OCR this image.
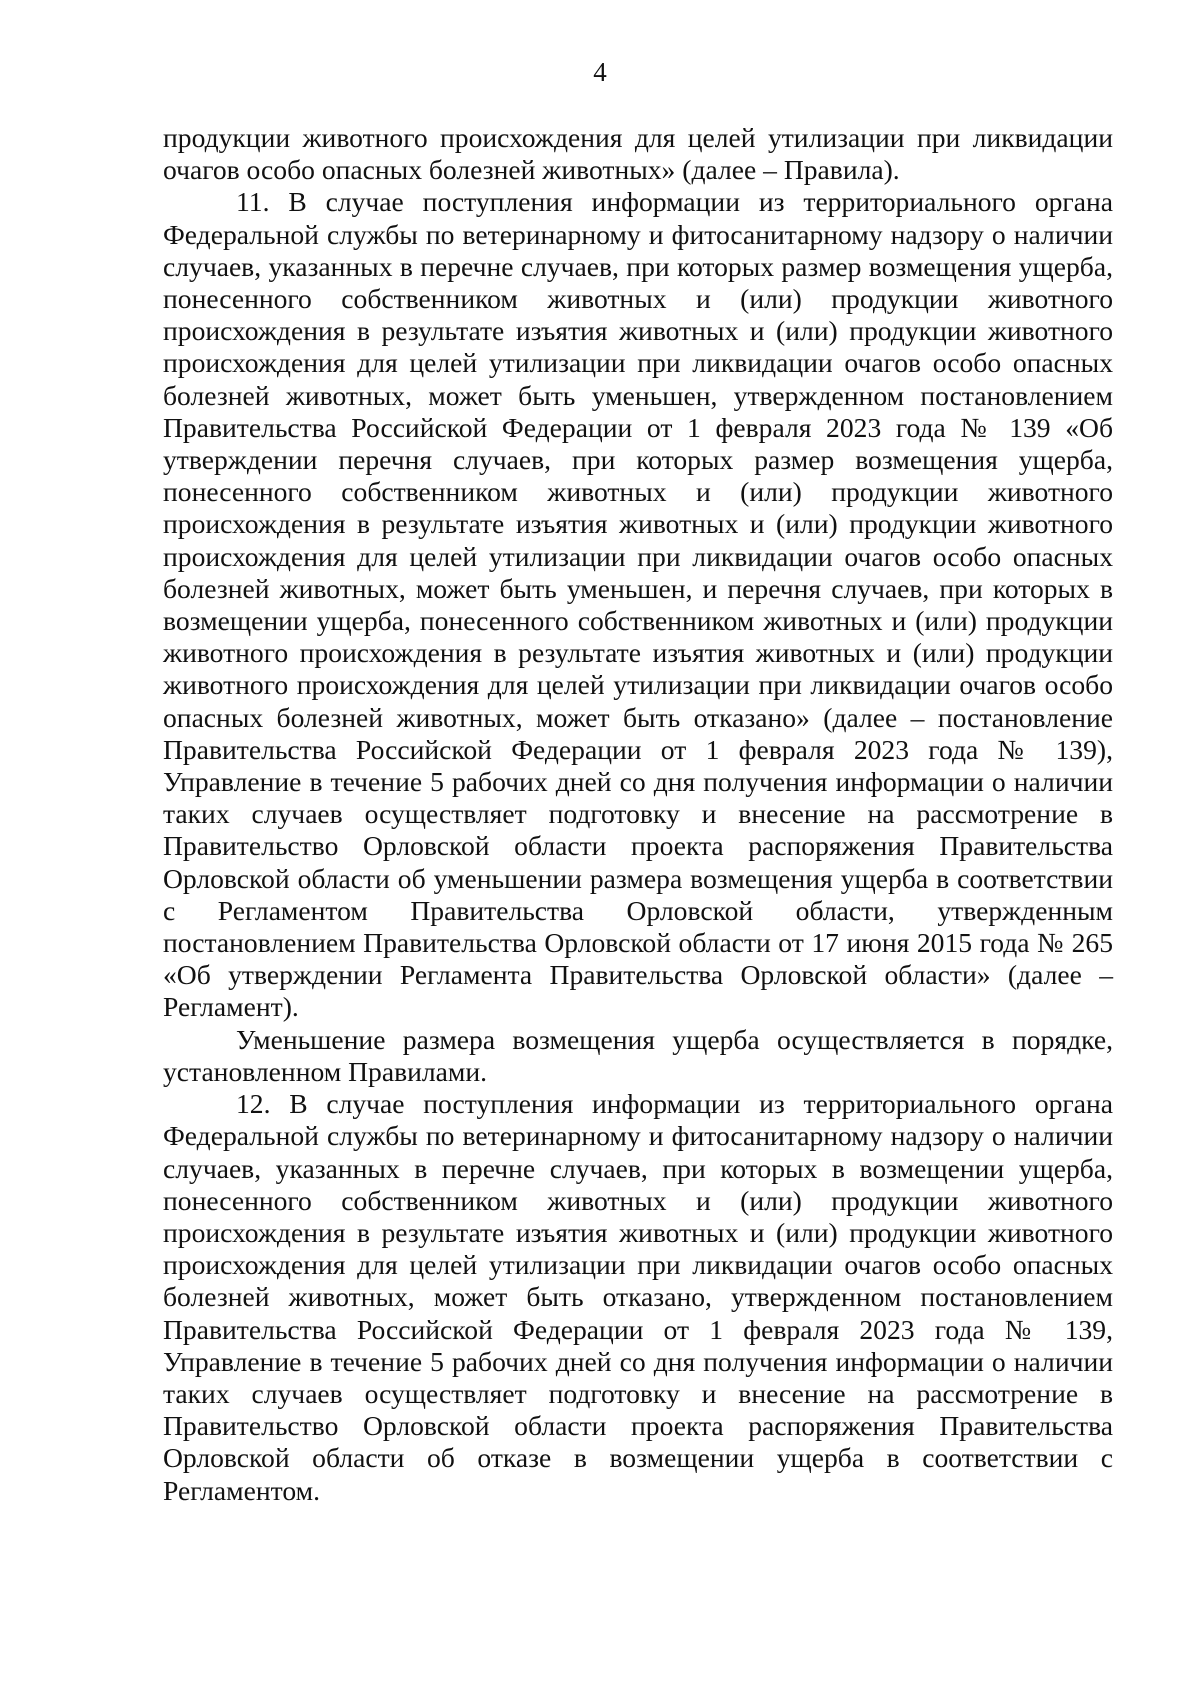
4

продукции животного происхождения для целей утилизации при ликвидации очагов особо опасных болезней животных» (далее – Правила).

11. В случае поступления информации из территориального органа Федеральной службы по ветеринарному и фитосанитарному надзору о наличии случаев, указанных в перечне случаев, при которых размер возмещения ущерба, понесенного собственником животных и (или) продукции животного происхождения в результате изъятия животных и (или) продукции животного происхождения для целей утилизации при ликвидации очагов особо опасных болезней животных, может быть уменьшен, утвержденном постановлением Правительства Российской Федерации от 1 февраля 2023 года № 139 «Об утверждении перечня случаев, при которых размер возмещения ущерба, понесенного собственником животных и (или) продукции животного происхождения в результате изъятия животных и (или) продукции животного происхождения для целей утилизации при ликвидации очагов особо опасных болезней животных, может быть уменьшен, и перечня случаев, при которых в возмещении ущерба, понесенного собственником животных и (или) продукции животного происхождения в результате изъятия животных и (или) продукции животного происхождения для целей утилизации при ликвидации очагов особо опасных болезней животных, может быть отказано» (далее – постановление Правительства Российской Федерации от 1 февраля 2023 года № 139), Управление в течение 5 рабочих дней со дня получения информации о наличии таких случаев осуществляет подготовку и внесение на рассмотрение в Правительство Орловской области проекта распоряжения Правительства Орловской области об уменьшении размера возмещения ущерба в соответствии с Регламентом Правительства Орловской области, утвержденным постановлением Правительства Орловской области от 17 июня 2015 года № 265 «Об утверждении Регламента Правительства Орловской области» (далее – Регламент).

Уменьшение размера возмещения ущерба осуществляется в порядке, установленном Правилами.

12. В случае поступления информации из территориального органа Федеральной службы по ветеринарному и фитосанитарному надзору о наличии случаев, указанных в перечне случаев, при которых в возмещении ущерба, понесенного собственником животных и (или) продукции животного происхождения в результате изъятия животных и (или) продукции животного происхождения для целей утилизации при ликвидации очагов особо опасных болезней животных, может быть отказано, утвержденном постановлением Правительства Российской Федерации от 1 февраля 2023 года № 139, Управление в течение 5 рабочих дней со дня получения информации о наличии таких случаев осуществляет подготовку и внесение на рассмотрение в Правительство Орловской области проекта распоряжения Правительства Орловской области об отказе в возмещении ущерба в соответствии с Регламентом.
